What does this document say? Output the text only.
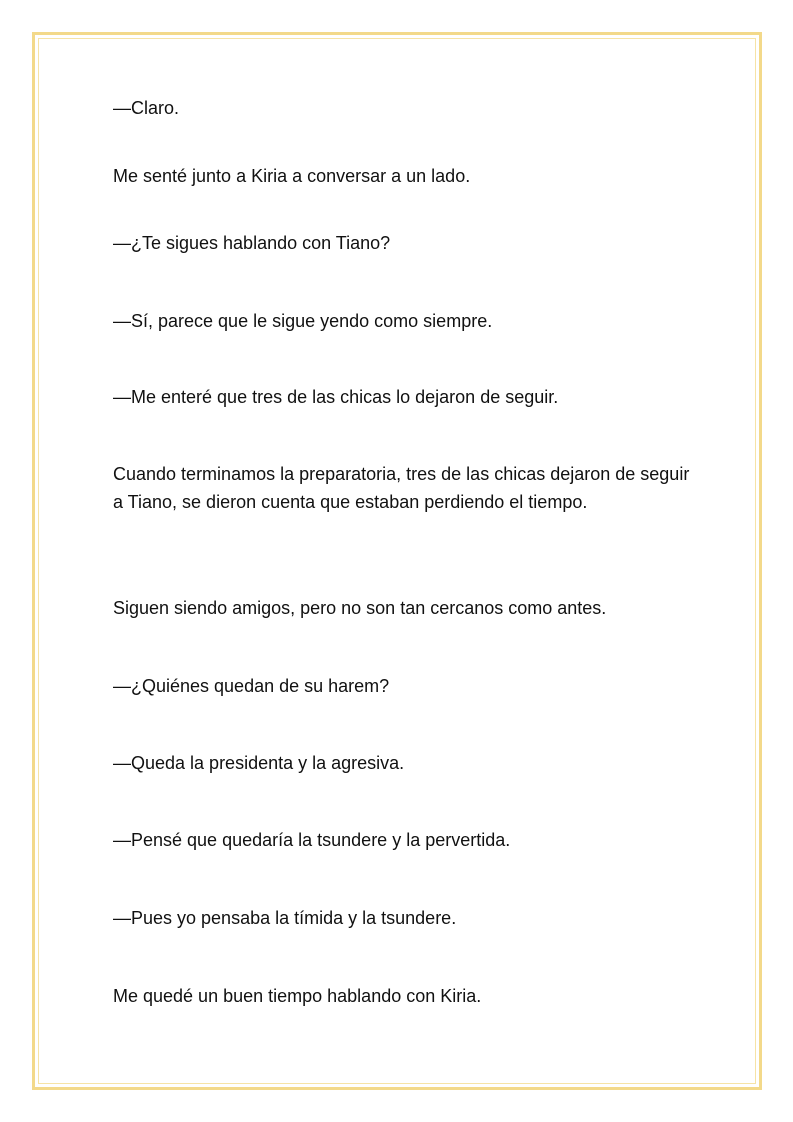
—Claro.

Me senté junto a Kiria a conversar a un lado.

—¿Te sigues hablando con Tiano?

—Sí, parece que le sigue yendo como siempre.

—Me enteré que tres de las chicas lo dejaron de seguir.

Cuando terminamos la preparatoria, tres de las chicas dejaron de seguir a Tiano, se dieron cuenta que estaban perdiendo el tiempo.

Siguen siendo amigos, pero no son tan cercanos como antes.

—¿Quiénes quedan de su harem?

—Queda la presidenta y la agresiva.

—Pensé que quedaría la tsundere y la pervertida.

—Pues yo pensaba la tímida y la tsundere.

Me quedé un buen tiempo hablando con Kiria.
